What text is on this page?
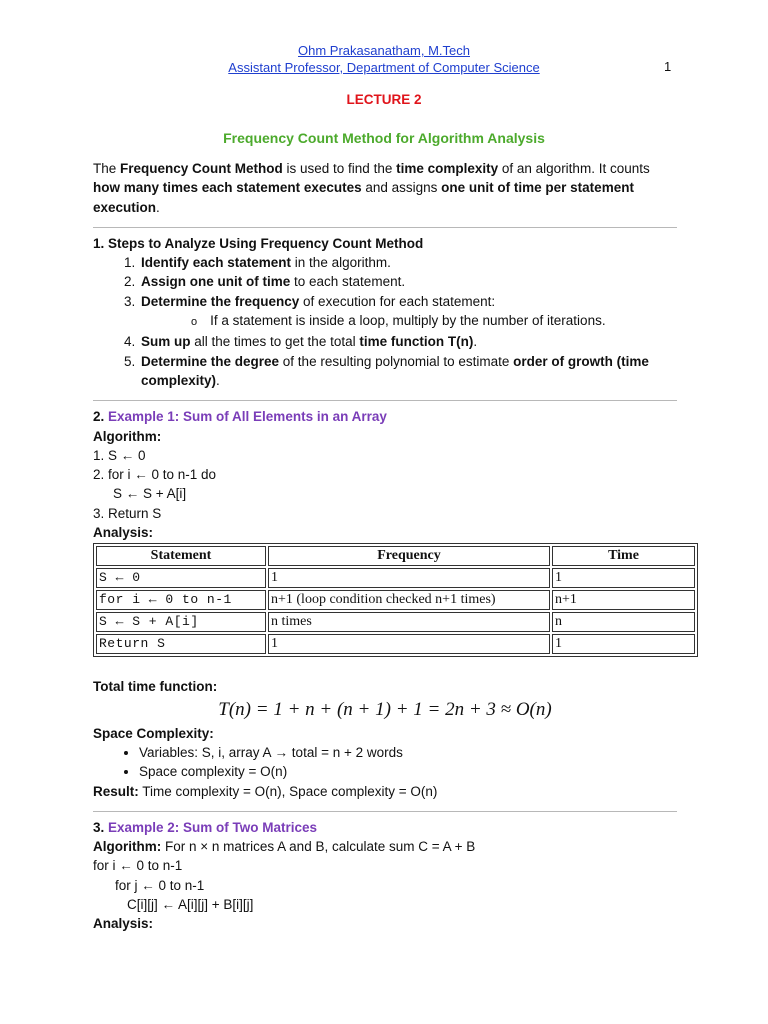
Ohm Prakasanatham, M.Tech
Assistant Professor, Department of Computer Science	1
LECTURE 2
Frequency Count Method for Algorithm Analysis

The Frequency Count Method is used to find the time complexity of an algorithm. It counts how many times each statement executes and assigns one unit of time per statement execution.

1. Steps to Analyze Using Frequency Count Method

1. Identify each statement in the algorithm.
2. Assign one unit of time to each statement.
3. Determine the frequency of execution for each statement:
o If a statement is inside a loop, multiply by the number of iterations.
4. Sum up all the times to get the total time function T(n).
5. Determine the degree of the resulting polynomial to estimate order of growth (time complexity).

2. Example 1: Sum of All Elements in an Array

Algorithm:

1. S ← 0

2. for i ← 0 to n-1 do

S ← S + A[i]

3. Return S

Analysis:

Statement	Frequency	Time
S ← 0	1	1
for i ← 0 to n-1	n+1 (loop condition checked n+1 times)	n+1
S ← S + A[i]	n times	n
Return S	1	1

Total time function:

T(n) = 1 + n + (n + 1) + 1 = 2n + 3 ≈ O(n)

Space Complexity:

• Variables: S, i, array A → total = n + 2 words
• Space complexity = O(n)

Result: Time complexity = O(n), Space complexity = O(n)

3. Example 2: Sum of Two Matrices

Algorithm: For n × n matrices A and B, calculate sum C = A + B

for i ← 0 to n-1

for j ← 0 to n-1

C[i][j] ← A[i][j] + B[i][j]

Analysis:
